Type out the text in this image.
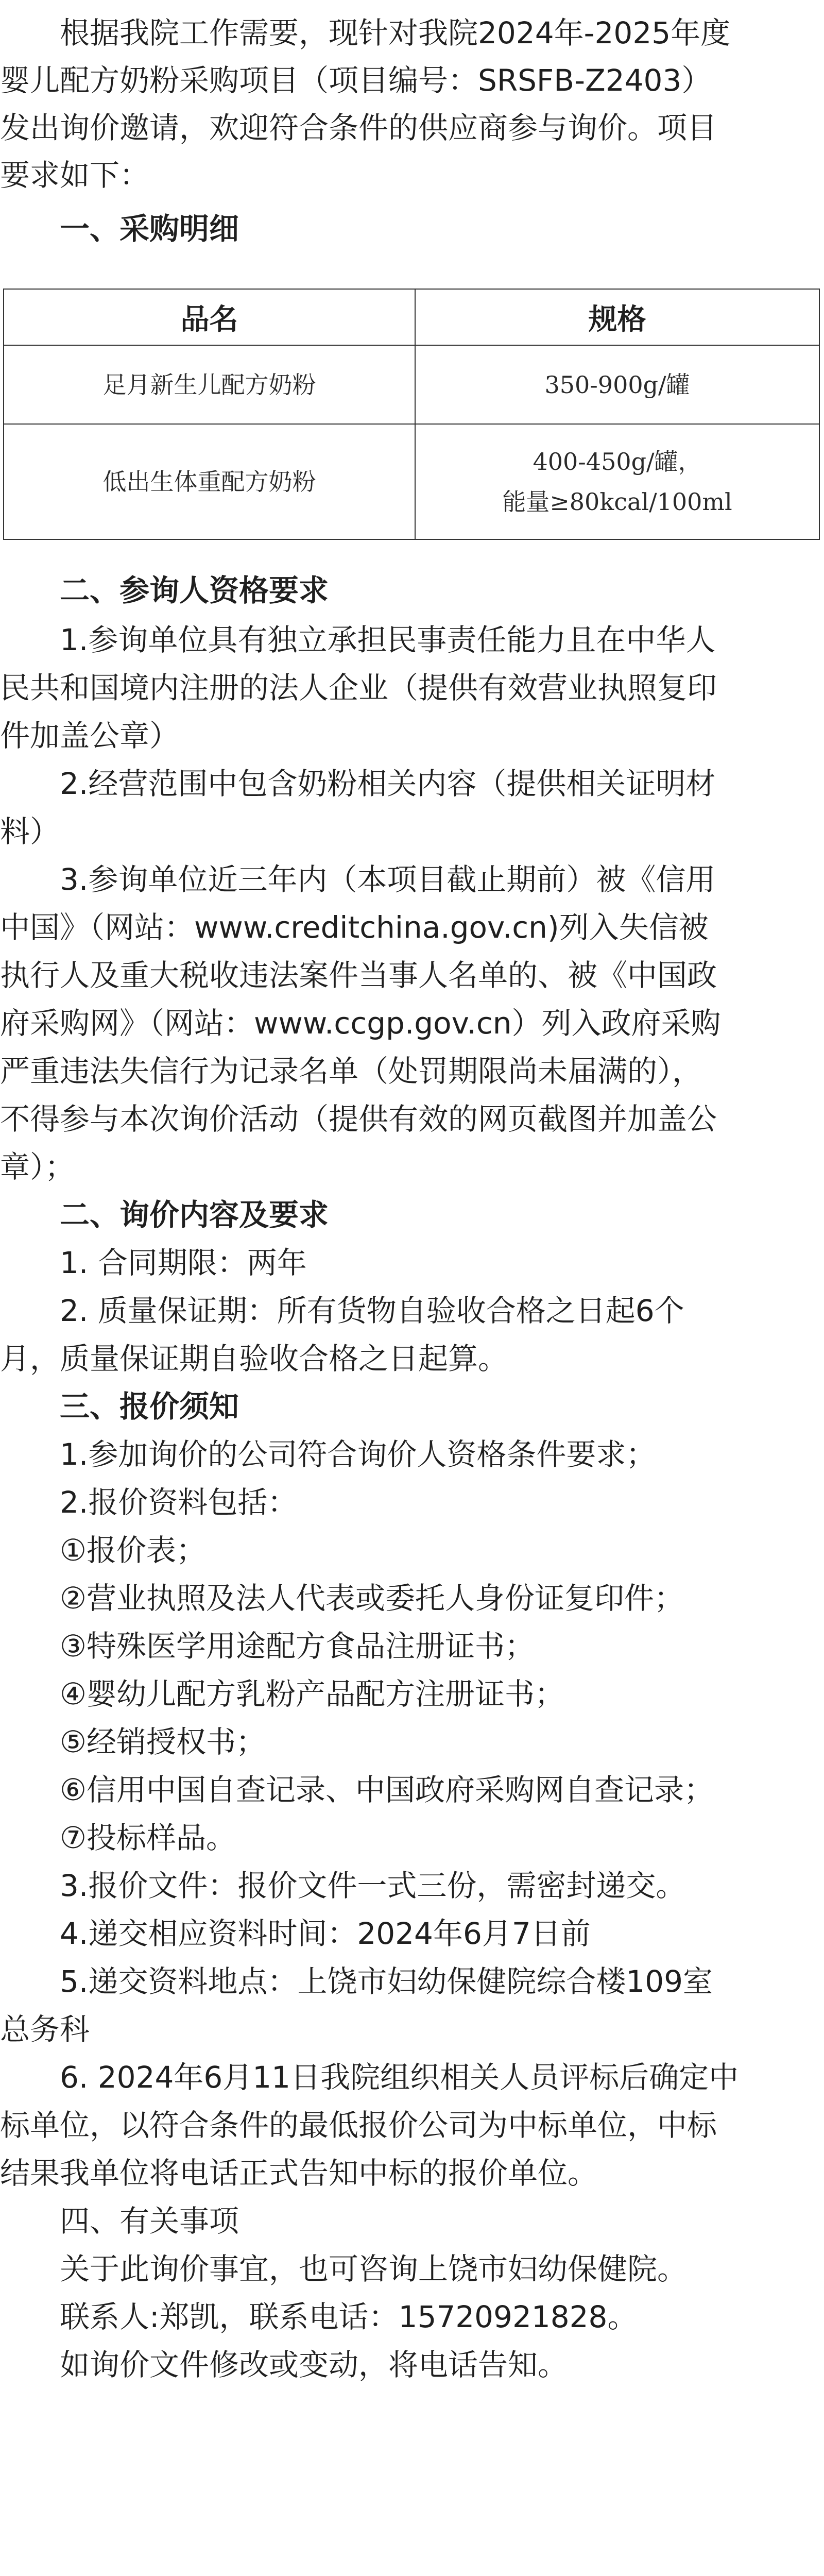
　　根据我院工作需要，现针对我院2024年-2025年度
婴儿配方奶粉采购项目（项目编号：SRSFB-Z2403）
发出询价邀请，欢迎符合条件的供应商参与询价。项目
要求如下：
　　一、采购明细
品名	规格
足月新生儿配方奶粉	350-900g/罐
低出生体重配方奶粉
400-450g/罐，
能量≥80kcal/100ml
　　二、参询人资格要求
　　1.参询单位具有独立承担民事责任能力且在中华人
民共和国境内注册的法人企业（提供有效营业执照复印
件加盖公章）
　　2.经营范围中包含奶粉相关内容（提供相关证明材
料）
　　3.参询单位近三年内（本项目截止期前）被《信用
中国》（网站：www.creditchina.gov.cn)列入失信被
执行人及重大税收违法案件当事人名单的、被《中国政
府采购网》（网站：www.ccgp.gov.cn）列入政府采购
严重违法失信行为记录名单（处罚期限尚未届满的），
不得参与本次询价活动（提供有效的网页截图并加盖公
章）；
　　二、询价内容及要求
　　1. 合同期限：两年
　　2. 质量保证期：所有货物自验收合格之日起6个
月，质量保证期自验收合格之日起算。
　　三、报价须知
　　1.参加询价的公司符合询价人资格条件要求；
　　2.报价资料包括：
　　①报价表；
　　②营业执照及法人代表或委托人身份证复印件；
　　③特殊医学用途配方食品注册证书；
　　④婴幼儿配方乳粉产品配方注册证书；
　　⑤经销授权书；
　　⑥信用中国自查记录、中国政府采购网自查记录；
　　⑦投标样品。
　　3.报价文件：报价文件一式三份，需密封递交。
　　4.递交相应资料时间：2024年6月7日前
　　5.递交资料地点：上饶市妇幼保健院综合楼109室
总务科
　　6. 2024年6月11日我院组织相关人员评标后确定中
标单位，以符合条件的最低报价公司为中标单位，中标
结果我单位将电话正式告知中标的报价单位。
　　四、有关事项
　　关于此询价事宜，也可咨询上饶市妇幼保健院。
　　联系人:郑凯，联系电话：15720921828。
　　如询价文件修改或变动，将电话告知。
